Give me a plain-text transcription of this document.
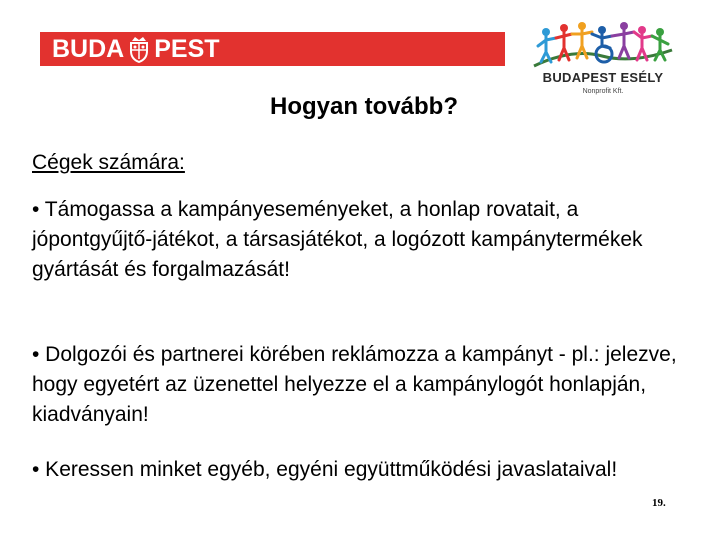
BUDA PEST
BUDAPEST ESÉLY
Nonprofit Kft.
Hogyan tovább?
Cégek számára:
• Támogassa a kampányeseményeket, a honlap rovatait, a jópontgyűjtő-játékot, a társasjátékot, a logózott kampánytermékek gyártását és forgalmazását!
• Dolgozói és partnerei körében reklámozza a kampányt - pl.: jelezve, hogy egyetért az üzenettel helyezze el a kampánylogót honlapján, kiadványain!
• Keressen minket egyéb, egyéni együttműködési javaslataival!
19.
